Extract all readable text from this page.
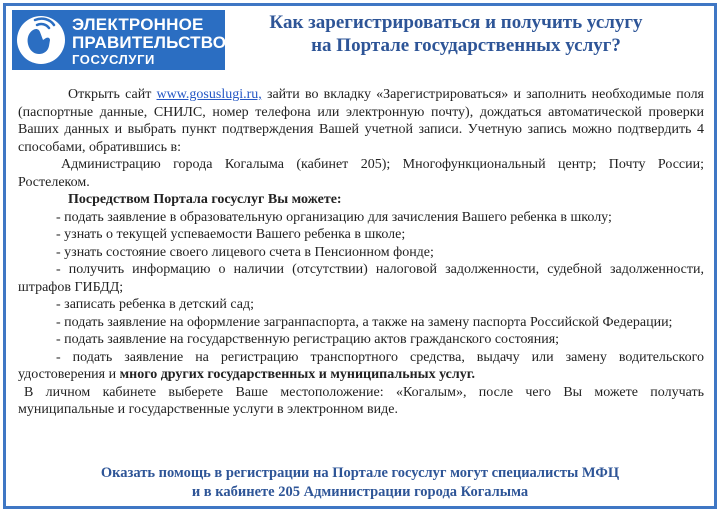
ЭЛЕКТРОННОЕ
ПРАВИТЕЛЬСТВО
ГОСУСЛУГИ
Как зарегистрироваться и получить услугу
на Портале государственных услуг?

Открыть сайт www.gosuslugi.ru, зайти во вкладку «Зарегистрироваться» и заполнить необходимые поля (паспортные данные, СНИЛС, номер телефона или электронную почту), дождаться автоматической проверки Ваших данных и выбрать пункт подтверждения Вашей учетной записи. Учетную запись можно подтвердить 4 способами, обратившись в:

Администрацию города Когалыма (кабинет 205); Многофункциональный центр; Почту России; Ростелеком.

Посредством Портала госуслуг Вы можете:

- подать заявление в образовательную организацию для зачисления Вашего ребенка в школу;

- узнать о текущей успеваемости Вашего ребенка в школе;

- узнать состояние своего лицевого счета в Пенсионном фонде;

- получить информацию о наличии (отсутствии) налоговой задолженности, судебной задолженности, штрафов ГИБДД;

- записать ребенка в детский сад;

- подать заявление на оформление загранпаспорта, а также на замену паспорта Российской Федерации;

- подать заявление на государственную регистрацию актов гражданского состояния;

- подать заявление на регистрацию транспортного средства, выдачу или замену водительского удостоверения и много других государственных и муниципальных услуг.

В личном кабинете выберете Ваше местоположение: «Когалым», после чего Вы можете получать муниципальные и государственные услуги в электронном виде.

Оказать помощь в регистрации на Портале госуслуг могут специалисты МФЦ
и в кабинете 205 Администрации города Когалыма
